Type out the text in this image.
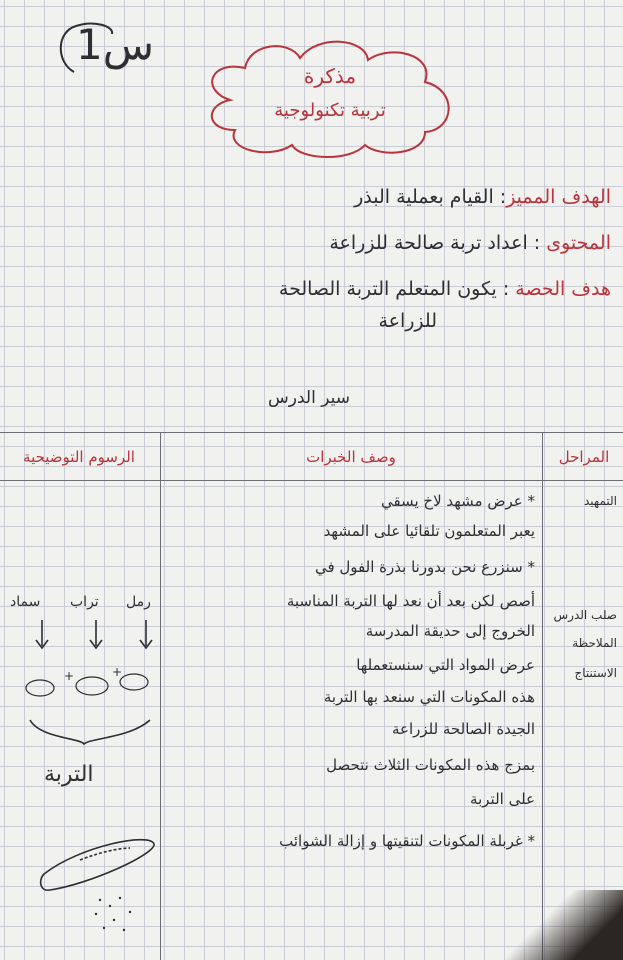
س1
مذكرة
تربية تكنولوجية
الهدف المميز: القيام بعملية البذر
المحتوى : اعداد تربة صالحة للزراعة
هدف الحصة : يكون المتعلم التربة الصالحة
للزراعة
سير الدرس
المراحل
وصف الخبرات
الرسوم التوضيحية
التمهيد
صلب الدرس
الملاحظة
الاستنتاج
* عرض مشهد لاخ يسقي
يعبر المتعلمون تلقائيا على المشهد
* سنزرع نحن بدورنا بذرة الفول في
أصص لكن بعد أن نعد لها التربة المناسبة
الخروج إلى حديقة المدرسة
عرض المواد التي سنستعملها
هذه المكونات التي سنعد بها التربة
الجيدة الصالحة للزراعة
بمزج هذه المكونات الثلاث نتحصل
على التربة
* غربلة المكونات لتنقيتها و إزالة الشوائب
رمل
تراب
سماد
+
+
التربة
